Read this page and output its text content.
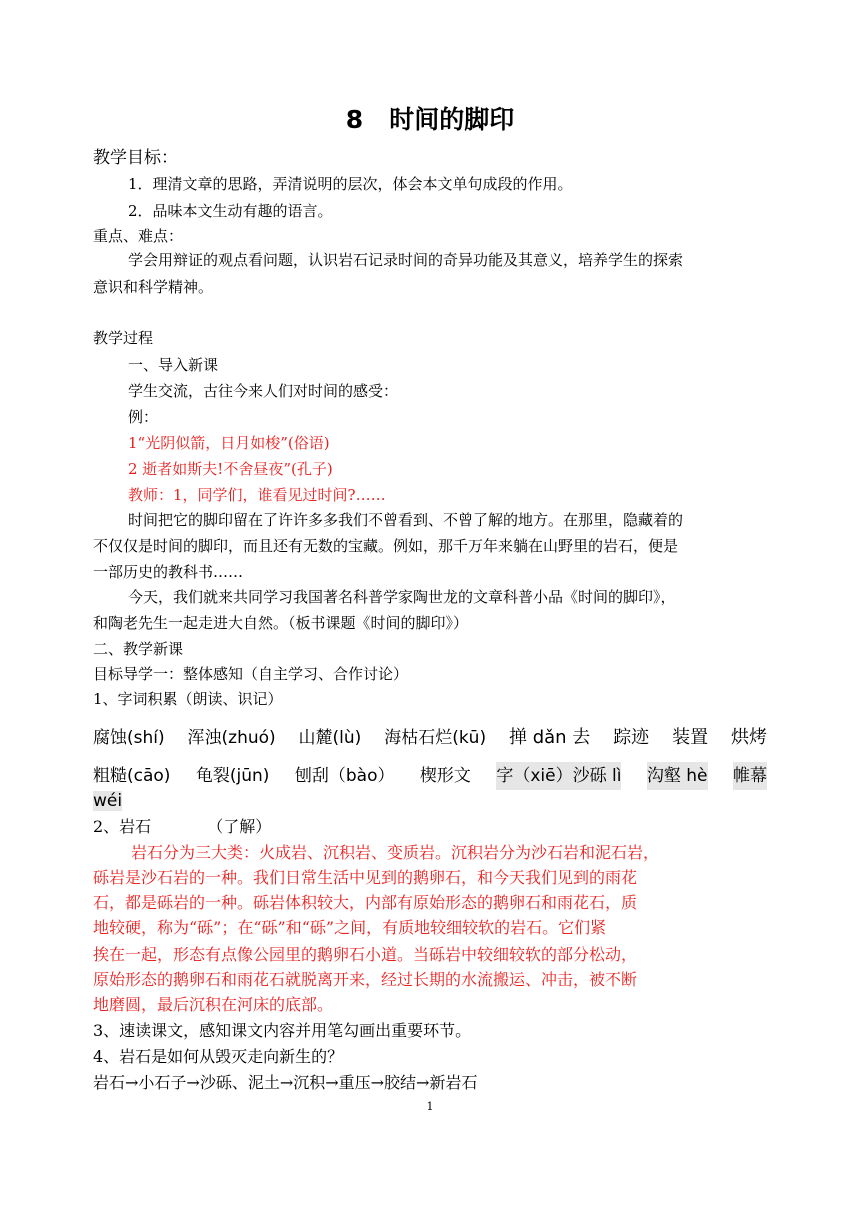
8 时间的脚印
教学目标：
1．理清文章的思路，弄清说明的层次，体会本文单句成段的作用。
2．品味本文生动有趣的语言。
重点、难点：
学会用辩证的观点看问题，认识岩石记录时间的奇异功能及其意义，培养学生的探索
意识和科学精神。
教学过程
一、导入新课
学生交流，古往今来人们对时间的感受：
例：
1“光阴似箭，日月如梭”(俗语)
2 逝者如斯夫!不舍昼夜”(孔子)
教师：1，同学们，谁看见过时间?……
时间把它的脚印留在了许许多多我们不曾看到、不曾了解的地方。在那里，隐藏着的
不仅仅是时间的脚印，而且还有无数的宝藏。例如，那千万年来躺在山野里的岩石，便是
一部历史的教科书……
今天，我们就来共同学习我国著名科普学家陶世龙的文章科普小品《时间的脚印》，
和陶老先生一起走进大自然。（板书课题《时间的脚印》）
二、教学新课
目标导学一：整体感知（自主学习、合作讨论）
1、字词积累（朗读、识记）
腐蚀(shí) 浑浊(zhuó) 山麓(lù) 海枯石烂(kū) 掸 dǎn 去 踪迹 装置 烘烤
粗糙(cāo) 龟裂(jūn) 刨刮（bào） 楔形文 字（xiē）沙砾 lì 沟壑 hè 帷幕
wéi
2、岩石	（了解）
岩石分为三大类：火成岩、沉积岩、变质岩。沉积岩分为沙石岩和泥石岩，
砾岩是沙石岩的一种。我们日常生活中见到的鹅卵石，和今天我们见到的雨花
石，都是砾岩的一种。砾岩体积较大，内部有原始形态的鹅卵石和雨花石，质
地较硬，称为“砾”；在“砾”和“砾”之间，有质地较细较软的岩石。它们紧
挨在一起，形态有点像公园里的鹅卵石小道。当砾岩中较细较软的部分松动，
原始形态的鹅卵石和雨花石就脱离开来，经过长期的水流搬运、冲击，被不断
地磨圆，最后沉积在河床的底部。
3、速读课文，感知课文内容并用笔勾画出重要环节。
4、岩石是如何从毁灭走向新生的？
岩石→小石子→沙砾、泥土→沉积→重压→胶结→新岩石
1
